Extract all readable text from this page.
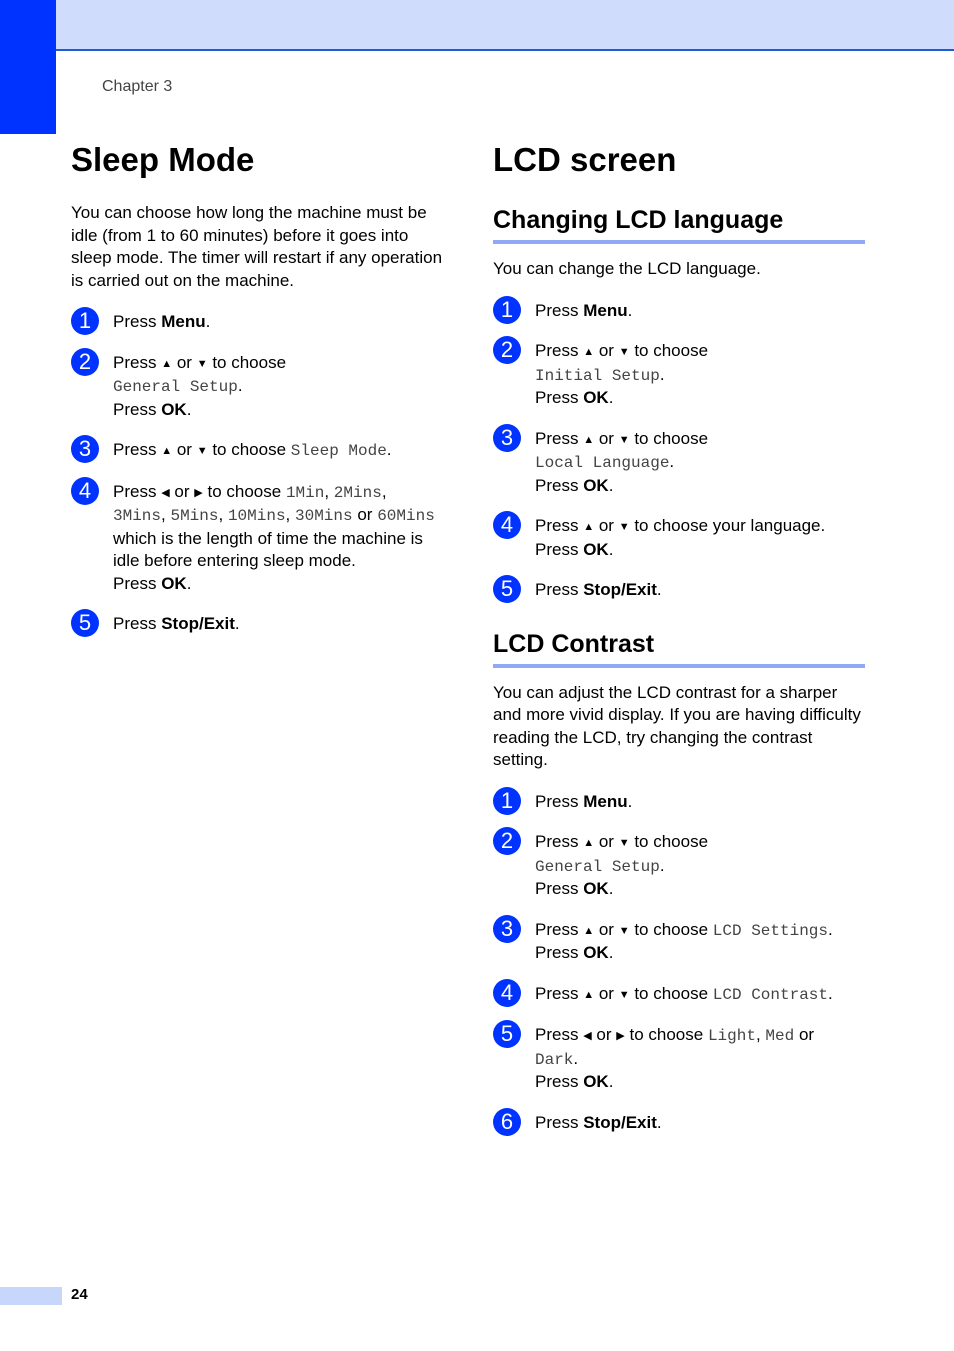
Chapter 3
Sleep Mode

You can choose how long the machine must be idle (from 1 to 60 minutes) before it goes into sleep mode. The timer will restart if any operation is carried out on the machine.

1	Press Menu.
2	Press ▲ or ▼ to choose
General Setup.
Press OK.
3	Press ▲ or ▼ to choose Sleep Mode.
4	Press ◀ or ▶ to choose 1Min, 2Mins, 3Mins, 5Mins, 10Mins, 30Mins or 60Mins which is the length of time the machine is idle before entering sleep mode.
Press OK.
5	Press Stop/Exit.
LCD screen
Changing LCD language

You can change the LCD language.

1	Press Menu.
2	Press ▲ or ▼ to choose
Initial Setup.
Press OK.
3	Press ▲ or ▼ to choose
Local Language.
Press OK.
4	Press ▲ or ▼ to choose your language.
Press OK.
5	Press Stop/Exit.
LCD Contrast

You can adjust the LCD contrast for a sharper and more vivid display. If you are having difficulty reading the LCD, try changing the contrast setting.

1	Press Menu.
2	Press ▲ or ▼ to choose
General Setup.
Press OK.
3	Press ▲ or ▼ to choose LCD Settings.
Press OK.
4	Press ▲ or ▼ to choose LCD Contrast.
5	Press ◀ or ▶ to choose Light, Med or
Dark.
Press OK.
6	Press Stop/Exit.
24
